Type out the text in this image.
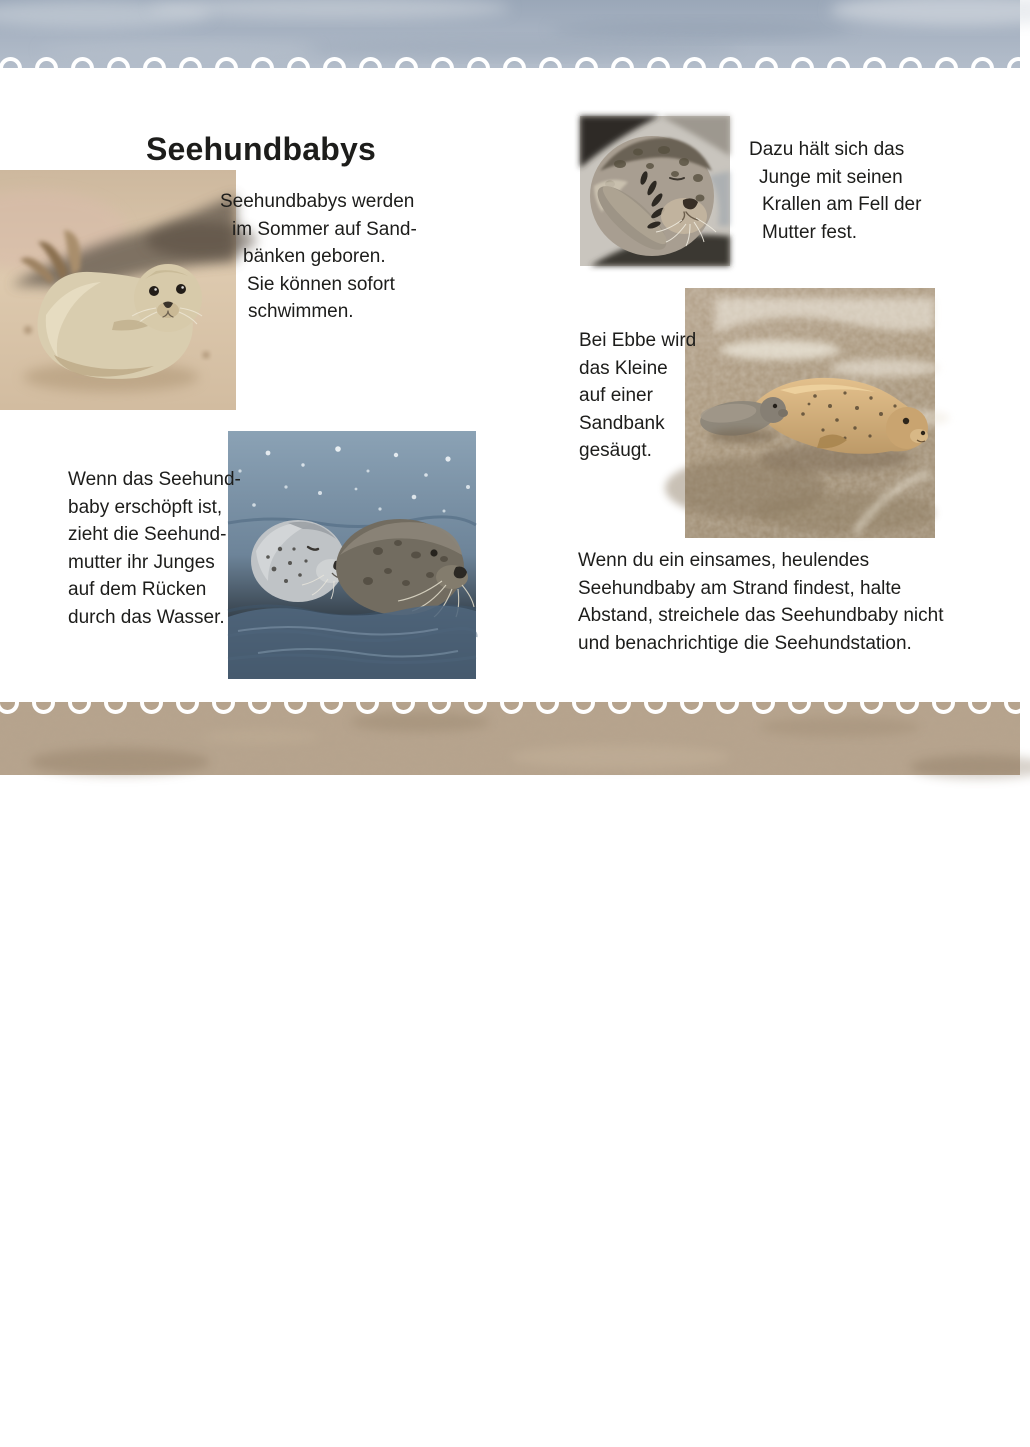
10	11
Seehundbabys
Seehundbabys werden
im Sommer auf Sand-
bänken geboren.
Sie können sofort
schwimmen.
Dazu hält sich das
Junge mit seinen
Krallen am Fell der
Mutter fest.
Bei Ebbe wird
das Kleine
auf einer
Sandbank
gesäugt.
Wenn das Seehund-
baby erschöpft ist,
zieht die Seehund-
mutter ihr Junges
auf dem Rücken
durch das Wasser.
Wenn du ein einsames, heulendes
Seehundbaby am Strand findest, halte
Abstand, streichele das Seehundbaby nicht
und benachrichtige die Seehundstation.
